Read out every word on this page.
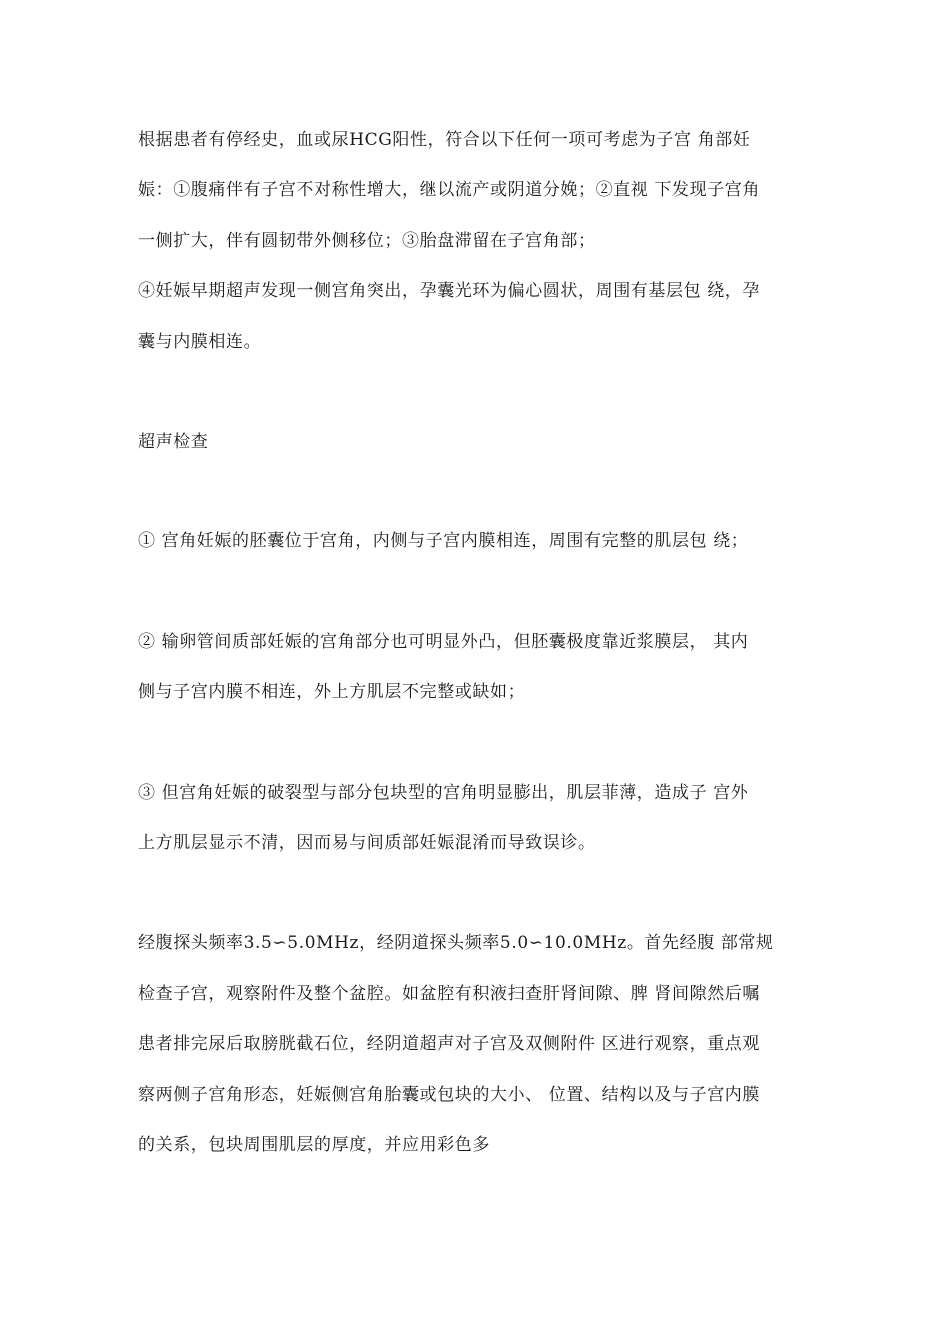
根据患者有停经史，血或尿HCG阳性，符合以下任何一项可考虑为子宫 角部妊
娠：①腹痛伴有子宫不对称性增大，继以流产或阴道分娩；②直视 下发现子宫角
一侧扩大，伴有圆韧带外侧移位；③胎盘滞留在子宫角部；
④妊娠早期超声发现一侧宫角突出，孕囊光环为偏心圆状，周围有基层包 绕，孕
囊与内膜相连。
超声检查
① 宫角妊娠的胚囊位于宫角，内侧与子宫内膜相连，周围有完整的肌层包 绕；
② 输卵管间质部妊娠的宫角部分也可明显外凸，但胚囊极度靠近浆膜层， 其内
侧与子宫内膜不相连，外上方肌层不完整或缺如；
③ 但宫角妊娠的破裂型与部分包块型的宫角明显膨出，肌层菲薄，造成子 宫外
上方肌层显示不清，因而易与间质部妊娠混淆而导致误诊。
经腹探头频率3.5∽5.0MHz，经阴道探头频率5.0∽10.0MHz。首先经腹 部常规
检查子宫，观察附件及整个盆腔。如盆腔有积液扫查肝肾间隙、脾 肾间隙然后嘱
患者排完尿后取膀胱截石位，经阴道超声对子宫及双侧附件 区进行观察，重点观
察两侧子宫角形态，妊娠侧宫角胎囊或包块的大小、 位置、结构以及与子宫内膜
的关系，包块周围肌层的厚度，并应用彩色多
